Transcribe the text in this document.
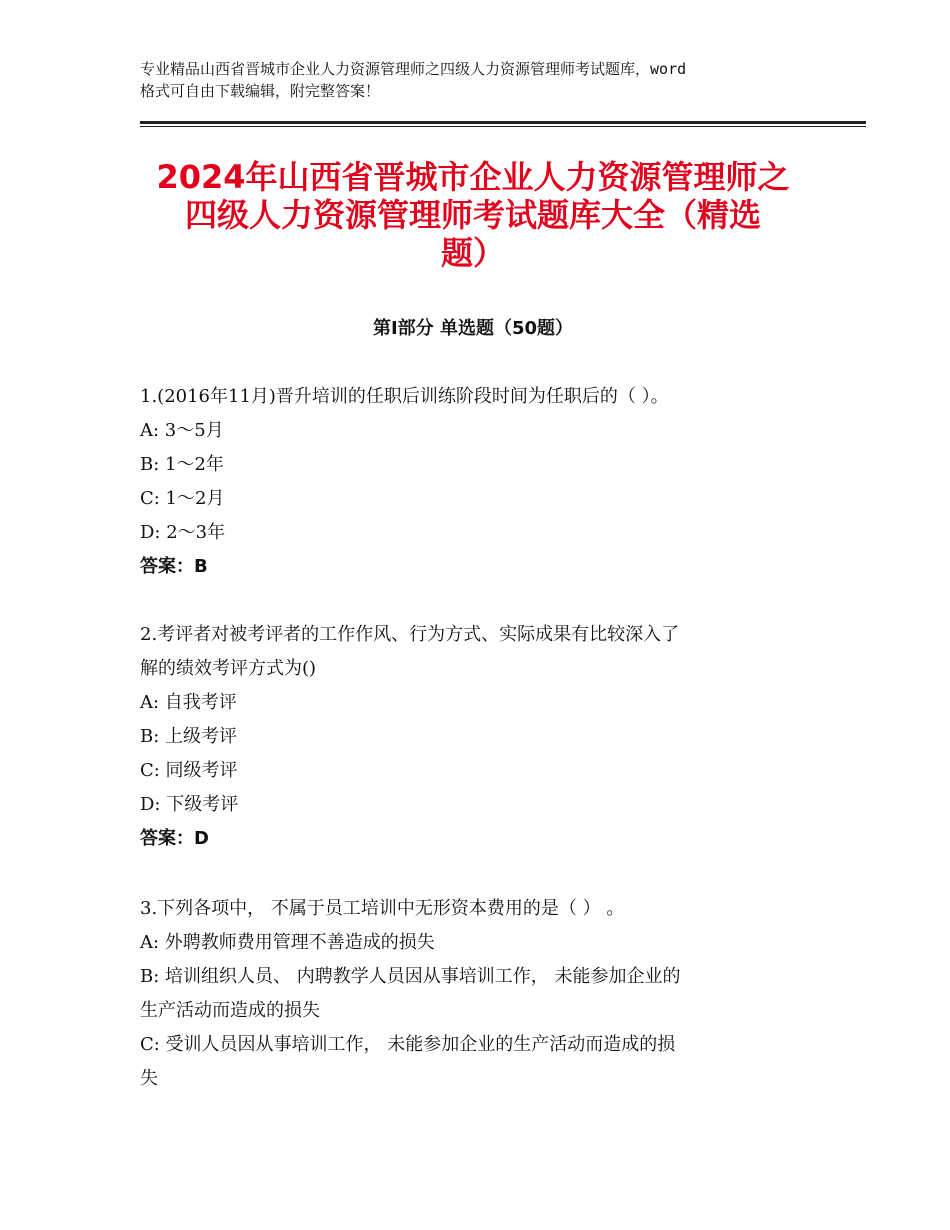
专业精品山西省晋城市企业人力资源管理师之四级人力资源管理师考试题库，word
格式可自由下载编辑，附完整答案！
2024年山西省晋城市企业人力资源管理师之
四级人力资源管理师考试题库大全（精选
题）
第Ⅰ部分 单选题（50题）
1.(2016年11月)晋升培训的任职后训练阶段时间为任职后的（ ）。
A: 3～5月
B: 1～2年
C: 1～2月
D: 2～3年
答案：B
2.考评者对被考评者的工作作风、行为方式、实际成果有比较深入了
解的绩效考评方式为()
A: 自我考评
B: 上级考评
C: 同级考评
D: 下级考评
答案：D
3.下列各项中， 不属于员工培训中无形资本费用的是（ ） 。
A: 外聘教师费用管理不善造成的损失
B: 培训组织人员、 内聘教学人员因从事培训工作， 未能参加企业的
生产活动而造成的损失
C: 受训人员因从事培训工作， 未能参加企业的生产活动而造成的损
失
